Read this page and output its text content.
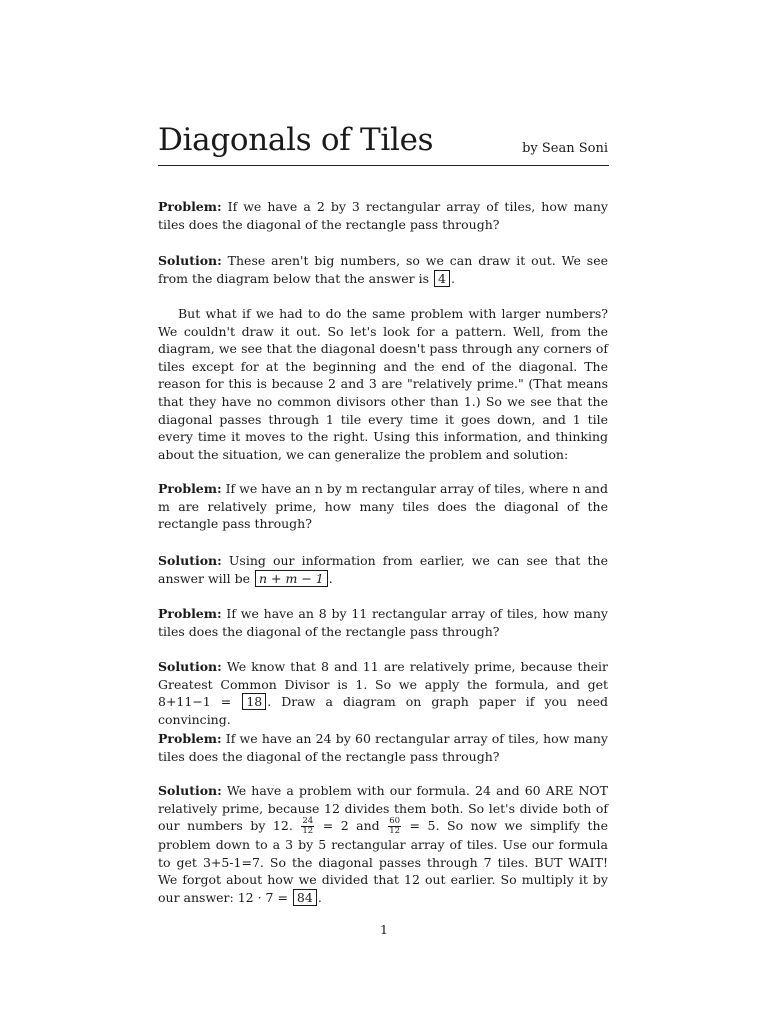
Diagonals of Tiles	by Sean Soni
Problem: If we have a 2 by 3 rectangular array of tiles, how many tiles does the diagonal of the rectangle pass through?
Solution: These aren't big numbers, so we can draw it out. We see from the diagram below that the answer is 4 .
But what if we had to do the same problem with larger numbers? We couldn't draw it out. So let's look for a pattern. Well, from the diagram, we see that the diagonal doesn't pass through any corners of tiles except for at the beginning and the end of the diagonal. The reason for this is because 2 and 3 are "relatively prime." (That means that they have no common divisors other than 1.) So we see that the diagonal passes through 1 tile every time it goes down, and 1 tile every time it moves to the right. Using this information, and thinking about the situation, we can generalize the problem and solution:
Problem: If we have an n by m rectangular array of tiles, where n and m are relatively prime, how many tiles does the diagonal of the rectangle pass through?
Solution: Using our information from earlier, we can see that the answer will be n + m − 1 .
Problem: If we have an 8 by 11 rectangular array of tiles, how many tiles does the diagonal of the rectangle pass through?
Solution: We know that 8 and 11 are relatively prime, because their Greatest Common Divisor is 1. So we apply the formula, and get 8+11−1 = 18 . Draw a diagram on graph paper if you need convincing.
Problem: If we have an 24 by 60 rectangular array of tiles, how many tiles does the diagonal of the rectangle pass through?
Solution: We have a problem with our formula. 24 and 60 ARE NOT relatively prime, because 12 divides them both. So let's divide both of our numbers by 12. $\frac{24}{12} = 2$ and $\frac{60}{12} = 5$. So now we simplify the problem down to a 3 by 5 rectangular array of tiles. Use our formula to get 3+5-1=7. So the diagonal passes through 7 tiles. BUT WAIT! We forgot about how we divided that 12 out earlier. So multiply it by our answer: 12 · 7 = 84 .
1
